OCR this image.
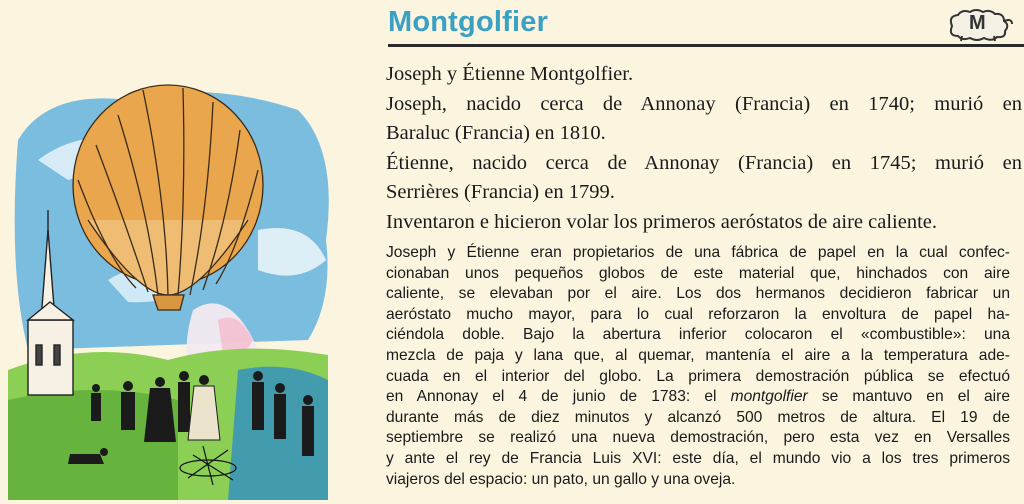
Montgolfier	M
Joseph y Étienne Montgolfier.
Joseph, nacido cerca de Annonay (Francia) en 1740; murió en
Baraluc (Francia) en 1810.
Étienne, nacido cerca de Annonay (Francia) en 1745; murió en
Serrières (Francia) en 1799.
Inventaron e hicieron volar los primeros aeróstatos de aire caliente.
Joseph y Étienne eran propietarios de una fábrica de papel en la cual confec-
cionaban unos pequeños globos de este material que, hinchados con aire
caliente, se elevaban por el aire. Los dos hermanos decidieron fabricar un
aeróstato mucho mayor, para lo cual reforzaron la envoltura de papel ha-
ciéndola doble. Bajo la abertura inferior colocaron el «combustible»: una
mezcla de paja y lana que, al quemar, mantenía el aire a la temperatura ade-
cuada en el interior del globo. La primera demostración pública se efectuó
en Annonay el 4 de junio de 1783: el montgolfier se mantuvo en el aire
durante más de diez minutos y alcanzó 500 metros de altura. El 19 de
septiembre se realizó una nueva demostración, pero esta vez en Versalles
y ante el rey de Francia Luis XVI: este día, el mundo vio a los tres primeros
viajeros del espacio: un pato, un gallo y una oveja.
